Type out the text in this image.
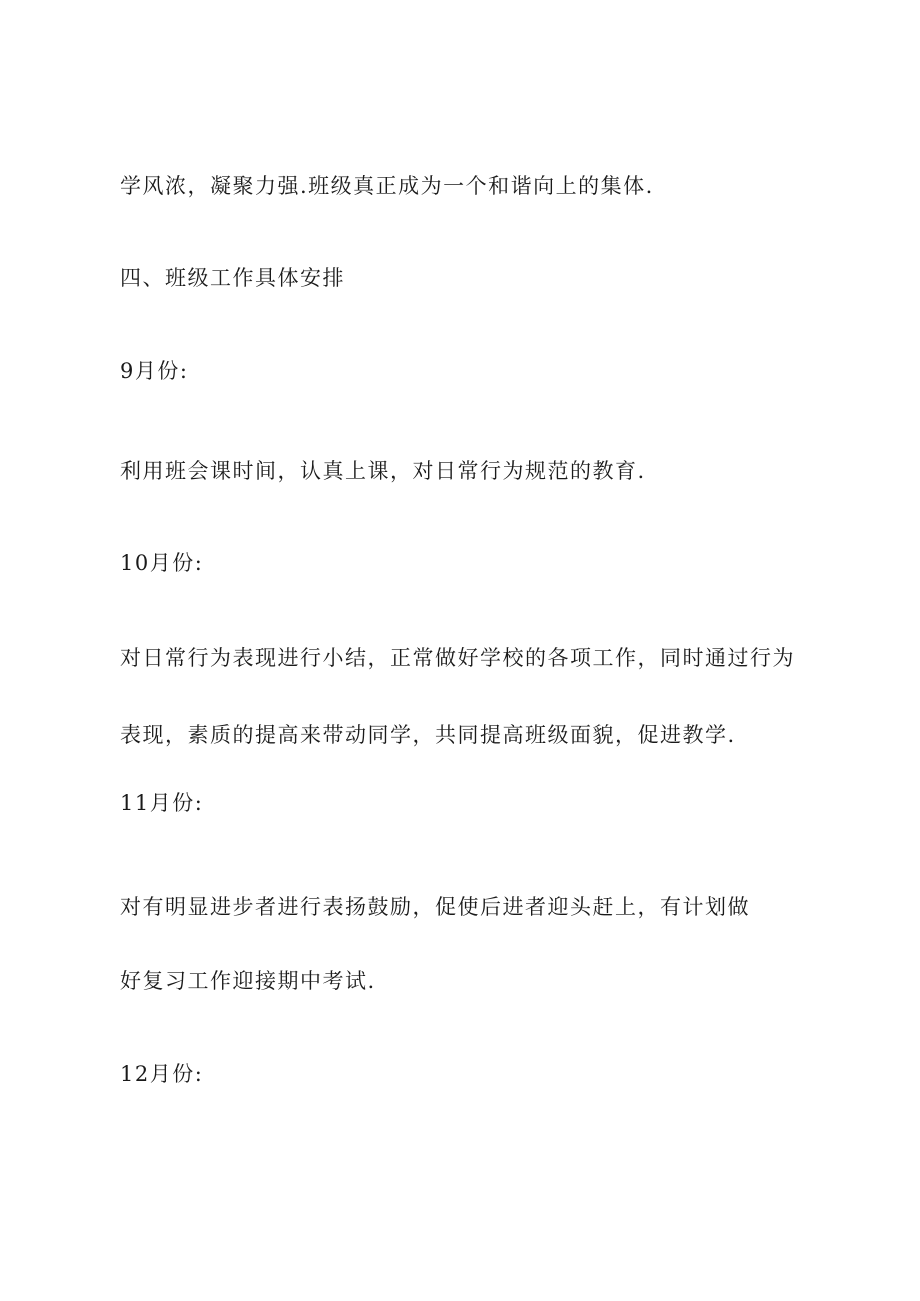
学风浓，凝聚力强.班级真正成为一个和谐向上的集体.

四、班级工作具体安排

9月份:

利用班会课时间，认真上课，对日常行为规范的教育.

10月份:

对日常行为表现进行小结，正常做好学校的各项工作，同时通过行为

表现，素质的提高来带动同学，共同提高班级面貌，促进教学.

11月份:

对有明显进步者进行表扬鼓励，促使后进者迎头赶上，有计划做

好复习工作迎接期中考试.

12月份:
